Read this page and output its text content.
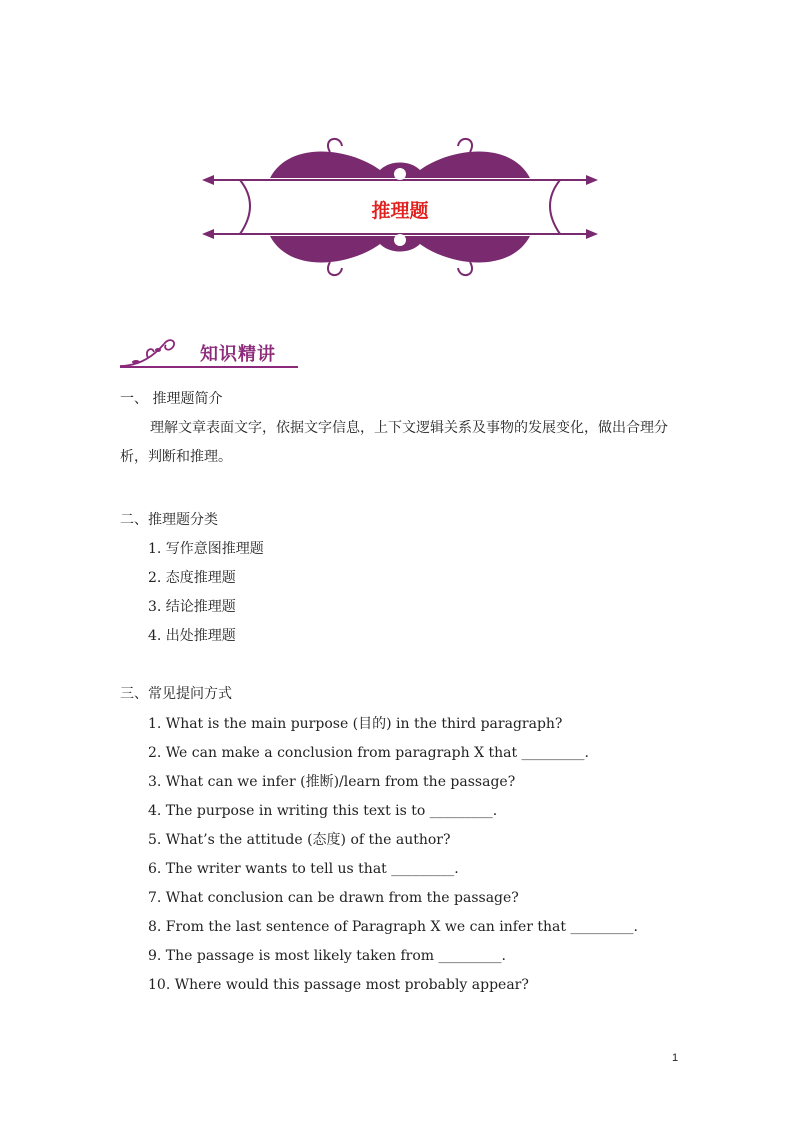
推理题
知识精讲
一、 推理题简介
理解文章表面文字，依据文字信息，上下文逻辑关系及事物的发展变化，做出合理分析，判断和推理。
二、推理题分类
1. 写作意图推理题
2. 态度推理题
3. 结论推理题
4. 出处推理题
三、常见提问方式
1. What is the main purpose (目的) in the third paragraph?
2. We can make a conclusion from paragraph X that _________.
3. What can we infer (推断)/learn from the passage?
4. The purpose in writing this text is to _________.
5. What’s the attitude (态度) of the author?
6. The writer wants to tell us that _________.
7. What conclusion can be drawn from the passage?
8. From the last sentence of Paragraph X we can infer that _________.
9. The passage is most likely taken from _________.
10. Where would this passage most probably appear?
1
